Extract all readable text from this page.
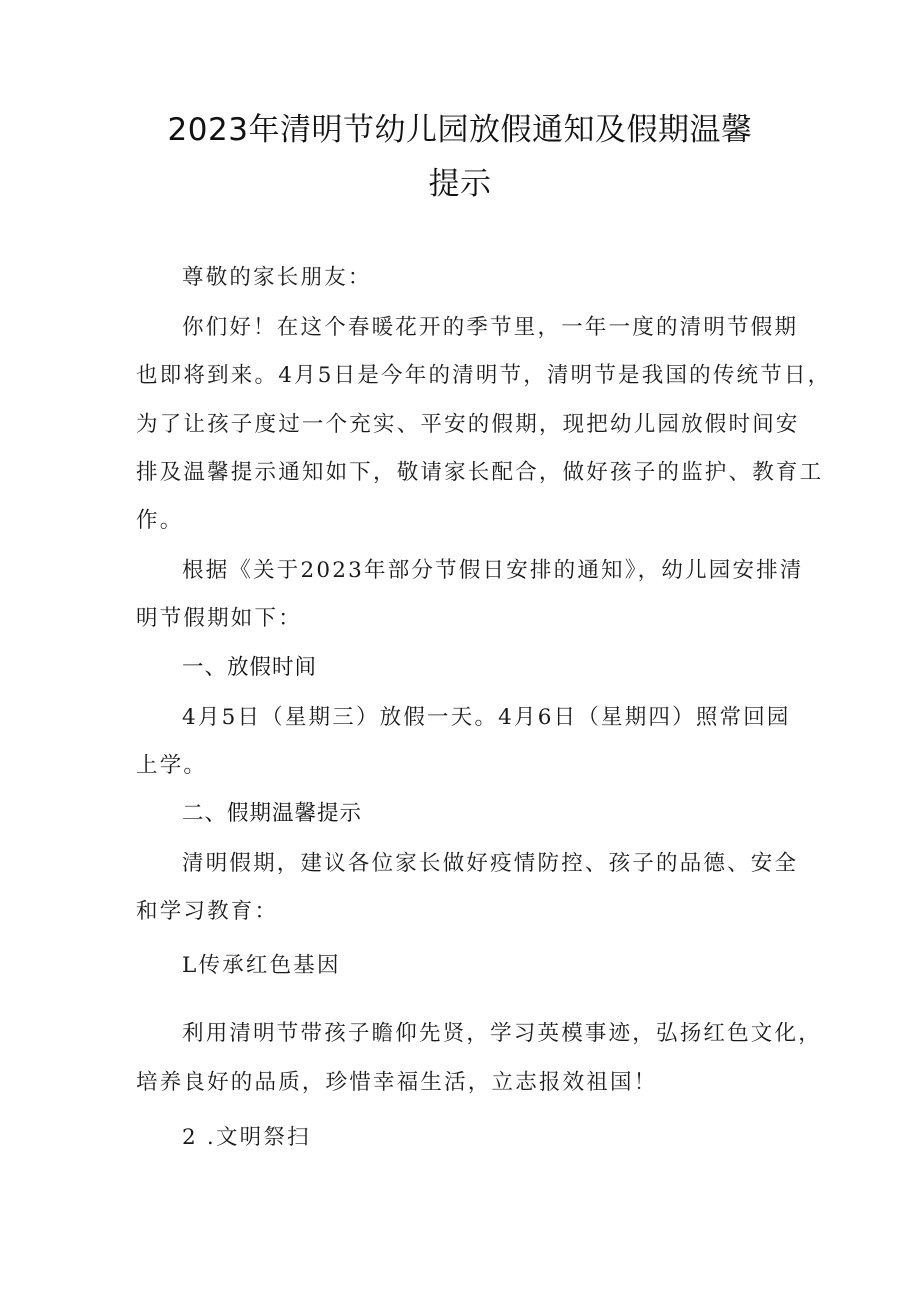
2023年清明节幼儿园放假通知及假期温馨
提示
尊敬的家长朋友：
你们好！在这个春暖花开的季节里，一年一度的清明节假期
也即将到来。4月5日是今年的清明节，清明节是我国的传统节日，
为了让孩子度过一个充实、平安的假期，现把幼儿园放假时间安
排及温馨提示通知如下，敬请家长配合，做好孩子的监护、教育工
作。
根据《关于2023年部分节假日安排的通知》，幼儿园安排清
明节假期如下：
一、放假时间
4月5日（星期三）放假一天。4月6日（星期四）照常回园
上学。
二、假期温馨提示
清明假期，建议各位家长做好疫情防控、孩子的品德、安全
和学习教育：
L传承红色基因
利用清明节带孩子瞻仰先贤，学习英模事迹，弘扬红色文化，
培养良好的品质，珍惜幸福生活，立志报效祖国！
2 .文明祭扫
